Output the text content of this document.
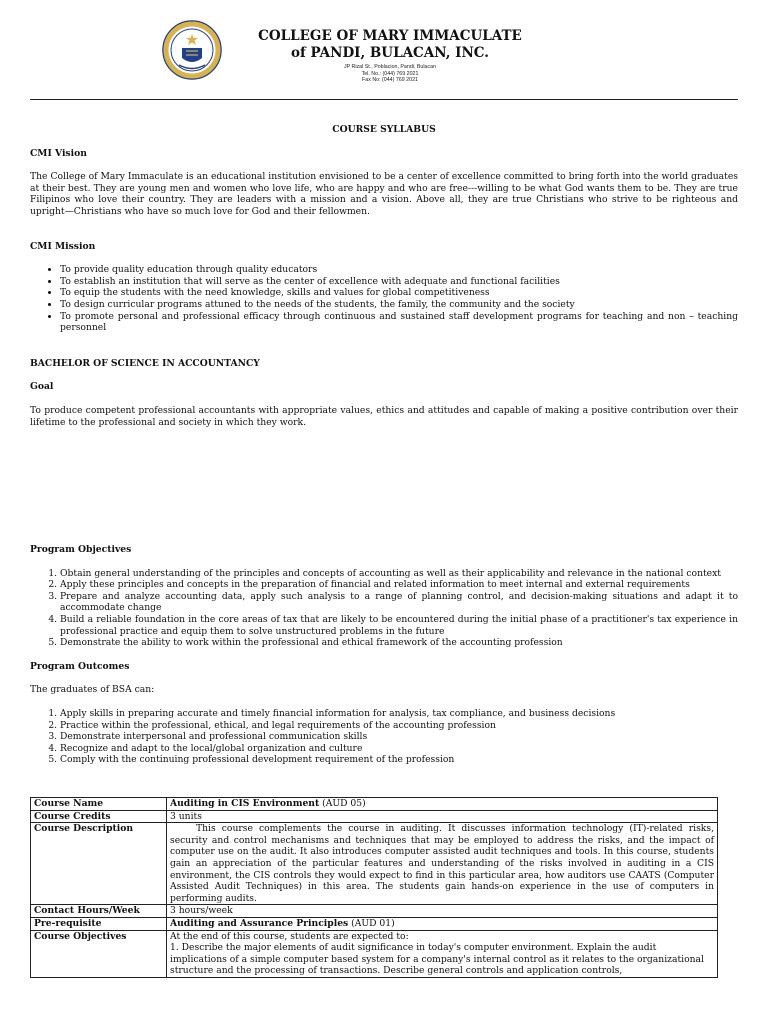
COLLEGE OF MARY IMMACULATE
of PANDI, BULACAN, INC.
JP Rizal St., Poblacion, Pandi, Bulacan
Tel. No.: (044) 769 2021
Fax No: (044) 769 2021
COURSE SYLLABUS
CMI Vision

The College of Mary Immaculate is an educational institution envisioned to be a center of excellence committed to bring forth into the world graduates at their best. They are young men and women who love life, who are happy and who are free---willing to be what God wants them to be. They are true Filipinos who love their country. They are leaders with a mission and a vision. Above all, they are true Christians who strive to be righteous and upright—Christians who have so much love for God and their fellowmen.

CMI Mission
• To provide quality education through quality educators
• To establish an institution that will serve as the center of excellence with adequate and functional facilities
• To equip the students with the need knowledge, skills and values for global competitiveness
• To design curricular programs attuned to the needs of the students, the family, the community and the society
• To promote personal and professional efficacy through continuous and sustained staff development programs for teaching and non – teaching personnel
BACHELOR OF SCIENCE IN ACCOUNTANCY
Goal

To produce competent professional accountants with appropriate values, ethics and attitudes and capable of making a positive contribution over their lifetime to the professional and society in which they work.

Program Objectives
1. Obtain general understanding of the principles and concepts of accounting as well as their applicability and relevance in the national context
2. Apply these principles and concepts in the preparation of financial and related information to meet internal and external requirements
3. Prepare and analyze accounting data, apply such analysis to a range of planning control, and decision-making situations and adapt it to accommodate change
4. Build a reliable foundation in the core areas of tax that are likely to be encountered during the initial phase of a practitioner's tax experience in professional practice and equip them to solve unstructured problems in the future
5. Demonstrate the ability to work within the professional and ethical framework of the accounting profession
Program Outcomes

The graduates of BSA can:

1. Apply skills in preparing accurate and timely financial information for analysis, tax compliance, and business decisions
2. Practice within the professional, ethical, and legal requirements of the accounting profession
3. Demonstrate interpersonal and professional communication skills
4. Recognize and adapt to the local/global organization and culture
5. Comply with the continuing professional development requirement of the profession
Course Name	Auditing in CIS Environment (AUD 05)
Course Credits	3 units
Course Description	This course complements the course in auditing. It discusses information technology (IT)-related risks, security and control mechanisms and techniques that may be employed to address the risks, and the impact of computer use on the audit. It also introduces computer assisted audit techniques and tools. In this course, students gain an appreciation of the particular features and understanding of the risks involved in auditing in a CIS environment, the CIS controls they would expect to find in this particular area, how auditors use CAATS (Computer Assisted Audit Techniques) in this area. The students gain hands-on experience in the use of computers in performing audits.
Contact Hours/Week	3 hours/week
Pre-requisite	Auditing and Assurance Principles (AUD 01)
Course Objectives	At the end of this course, students are expected to:
1. Describe the major elements of audit significance in today's computer environment. Explain the audit implications of a simple computer based system for a company's internal control as it relates to the organizational structure and the processing of transactions. Describe general controls and application controls,
